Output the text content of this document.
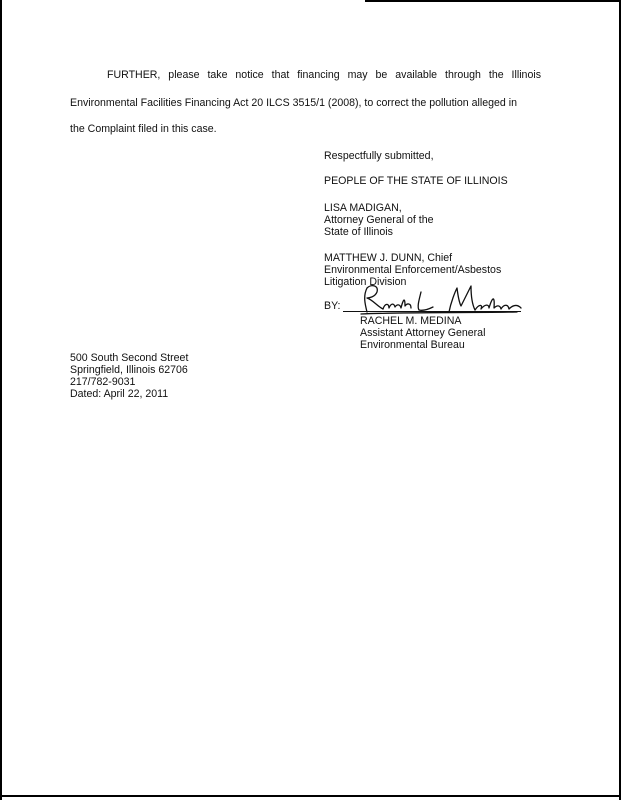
FURTHER, please take notice that financing may be available through the Illinois
Environmental Facilities Financing Act 20 ILCS 3515/1 (2008), to correct the pollution alleged in
the Complaint filed in this case.
Respectfully submitted,
PEOPLE OF THE STATE OF ILLINOIS
LISA MADIGAN,
Attorney General of the
State of Illinois
MATTHEW J. DUNN, Chief
Environmental Enforcement/Asbestos
Litigation Division
BY:
RACHEL M. MEDINA
Assistant Attorney General
Environmental Bureau
500 South Second Street
Springfield, Illinois 62706
217/782-9031
Dated: April 22, 2011
